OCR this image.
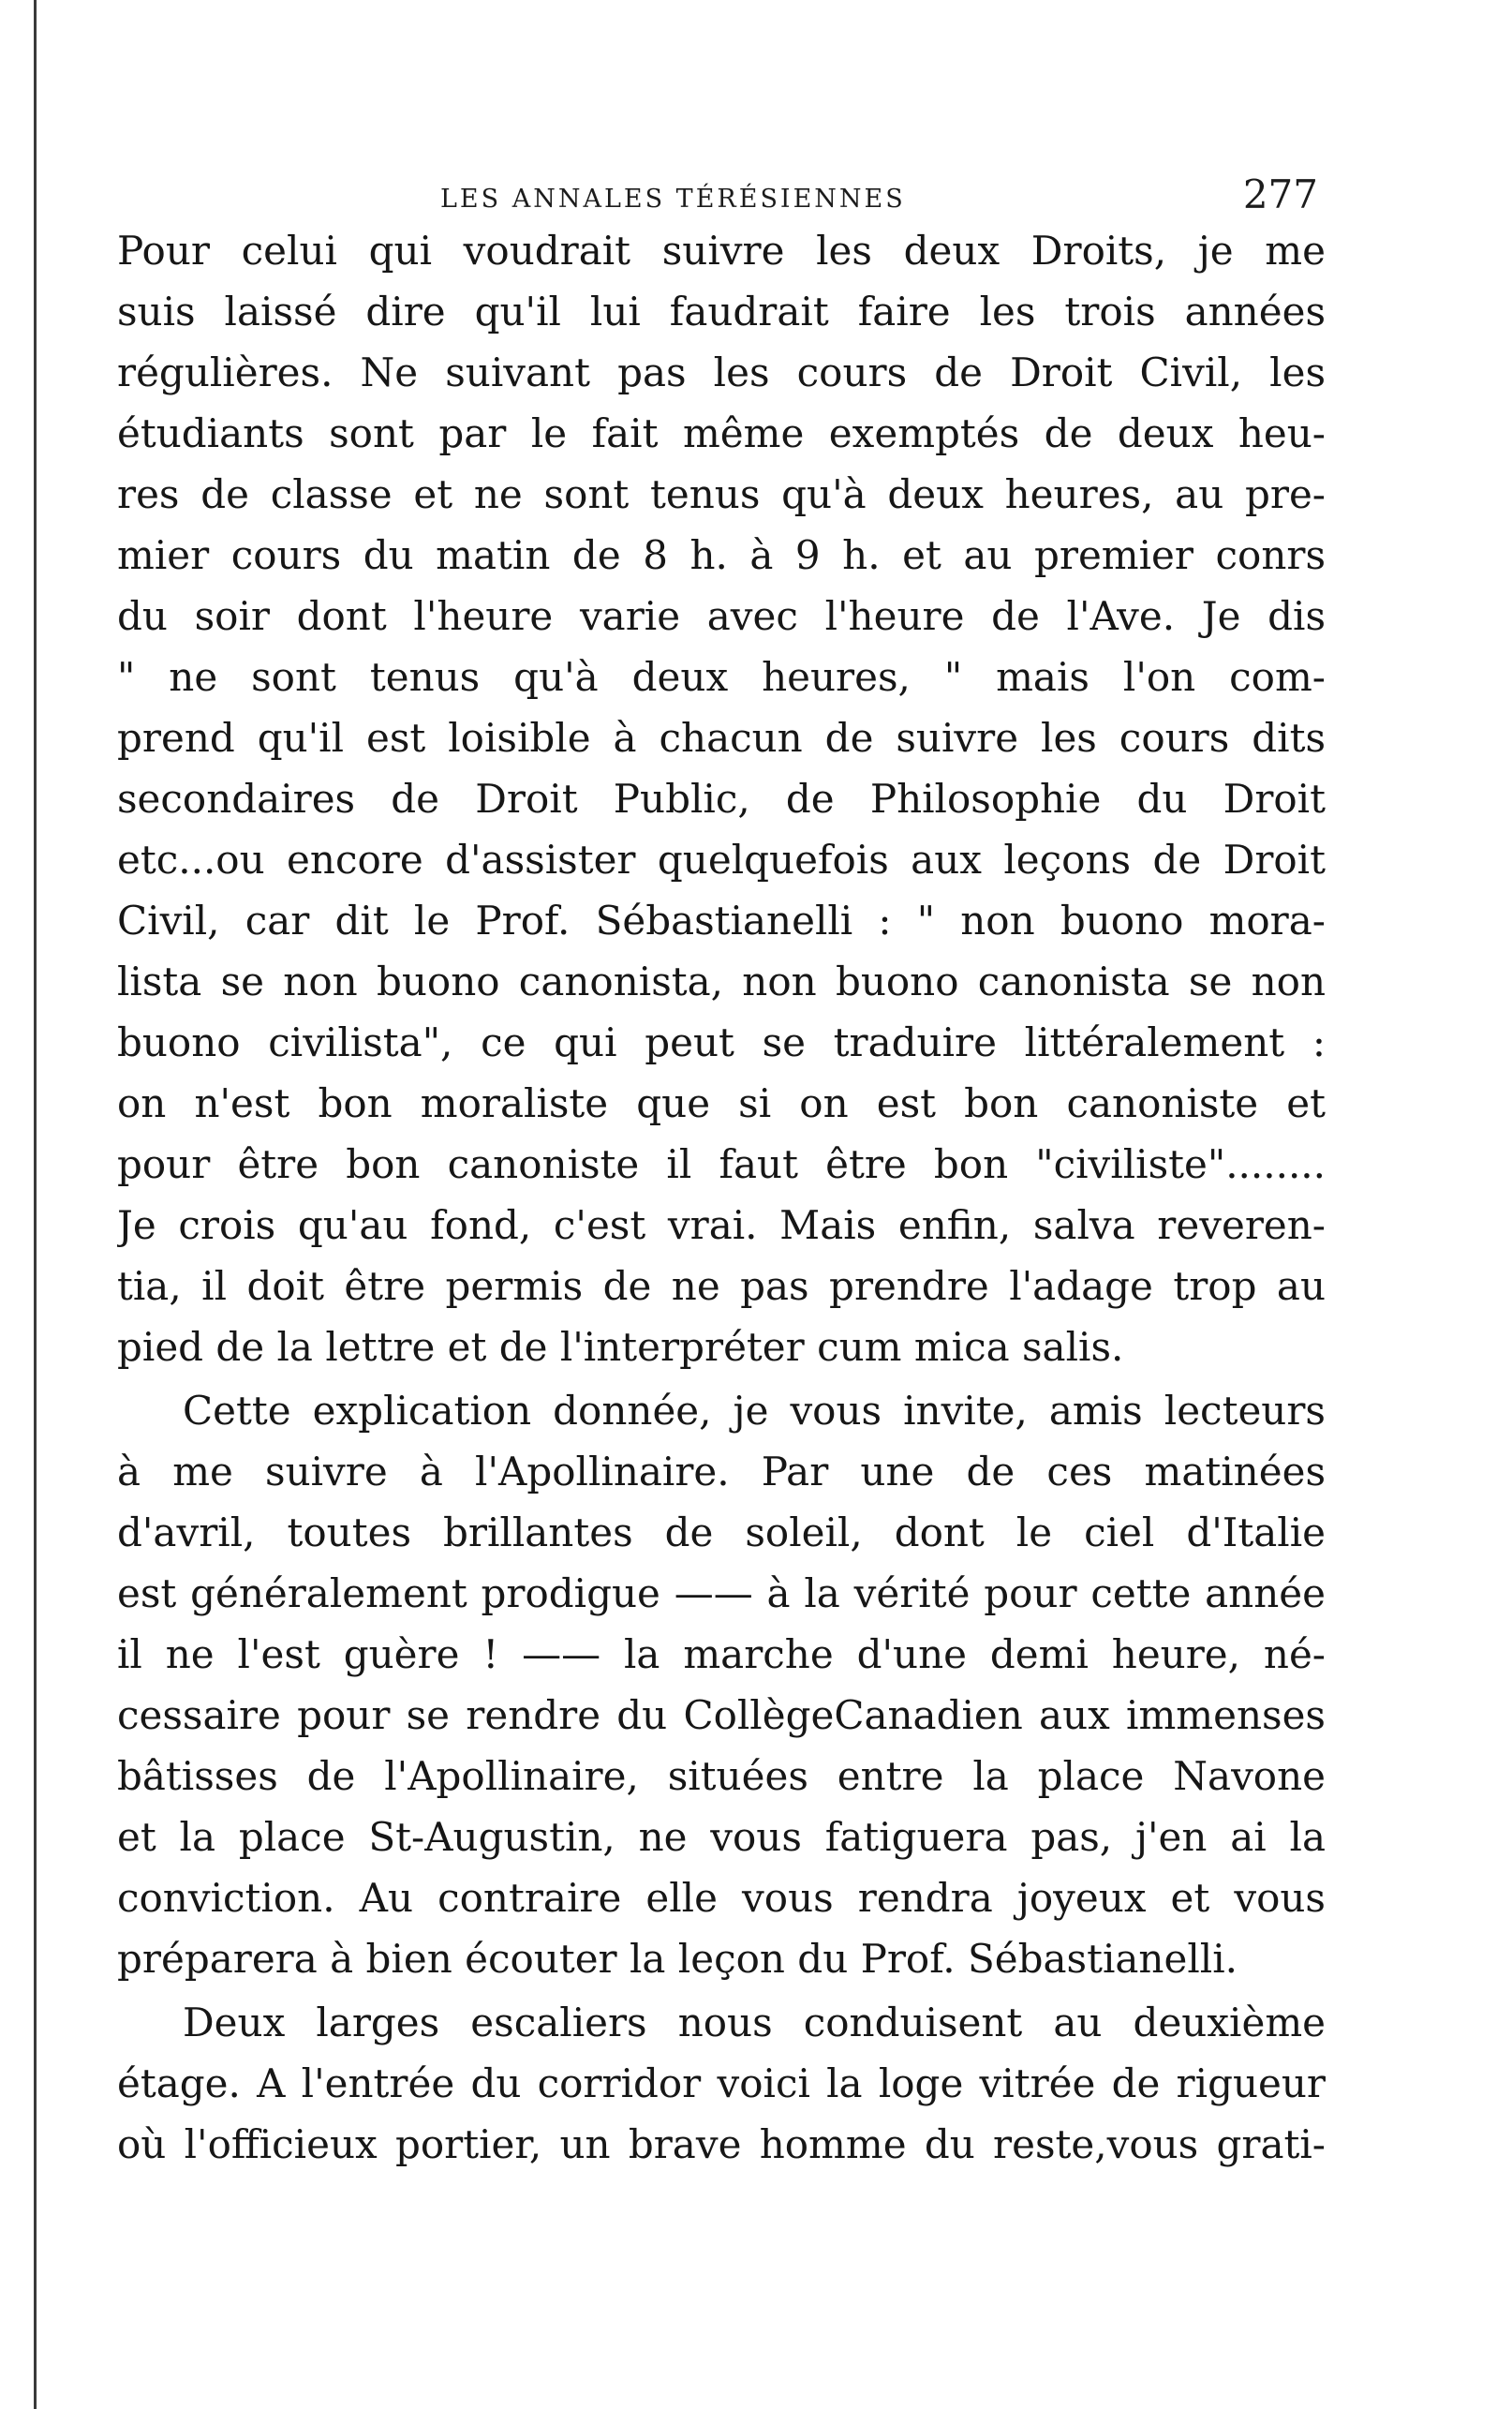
LES ANNALES TÉRÉSIENNES	277

Pour celui qui voudrait suivre les deux Droits, je me
suis laissé dire qu'il lui faudrait faire les trois années
régulières. Ne suivant pas les cours de Droit Civil, les
étudiants sont par le fait même exemptés de deux heu-
res de classe et ne sont tenus qu'à deux heures, au pre-
mier cours du matin de 8 h. à 9 h. et au premier conrs
du soir dont l'heure varie avec l'heure de l'Ave. Je dis
" ne sont tenus qu'à deux heures, " mais l'on com-
prend qu'il est loisible à chacun de suivre les cours dits
secondaires de Droit Public, de Philosophie du Droit
etc...ou encore d'assister quelquefois aux leçons de Droit
Civil, car dit le Prof. Sébastianelli : " non buono mora-
lista se non buono canonista, non buono canonista se non
buono civilista", ce qui peut se traduire littéralement :
on n'est bon moraliste que si on est bon canoniste et
pour être bon canoniste il faut être bon "civiliste"........
Je crois qu'au fond, c'est vrai. Mais enfin, salva reveren-
tia, il doit être permis de ne pas prendre l'adage trop au
pied de la lettre et de l'interpréter cum mica salis.

Cette explication donnée, je vous invite, amis lecteurs
à me suivre à l'Apollinaire. Par une de ces matinées
d'avril, toutes brillantes de soleil, dont le ciel d'Italie
est généralement prodigue —— à la vérité pour cette année
il ne l'est guère ! —— la marche d'une demi heure, né-
cessaire pour se rendre du CollègeCanadien aux immenses
bâtisses de l'Apollinaire, situées entre la place Navone
et la place St-Augustin, ne vous fatiguera pas, j'en ai la
conviction. Au contraire elle vous rendra joyeux et vous
préparera à bien écouter la leçon du Prof. Sébastianelli.

Deux larges escaliers nous conduisent au deuxième
étage. A l'entrée du corridor voici la loge vitrée de rigueur
où l'officieux portier, un brave homme du reste,vous grati-
